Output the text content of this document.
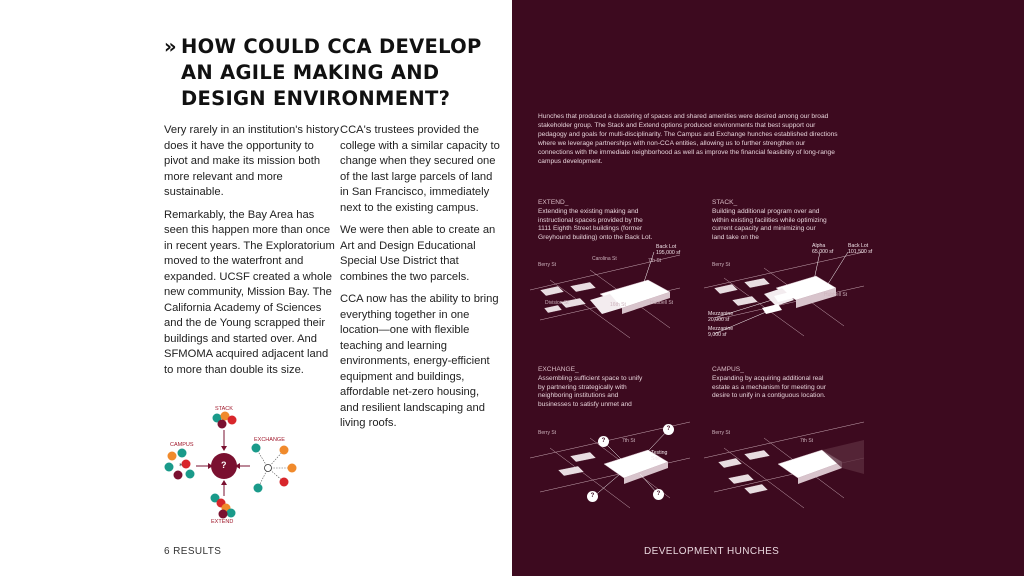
» HOW COULD CCA DEVELOP
AN AGILE MAKING AND
DESIGN ENVIRONMENT?

Very rarely in an institution's history does it have the opportunity to pivot and make its mission both more relevant and more sustainable.

Remarkably, the Bay Area has seen this happen more than once in recent years. The Exploratorium moved to the waterfront and expanded. UCSF created a whole new community, Mission Bay. The California Academy of Sciences and the de Young scrapped their buildings and started over. And SFMOMA acquired adjacent land to more than double its size.

CCA's trustees provided the college with a similar capacity to change when they secured one of the last large parcels of land in San Francisco, immediately next to the existing campus.

We were then able to create an Art and Design Educational Special Use District that combines the two parcels.

CCA now has the ability to bring everything together in one location—one with flexible teaching and learning environments, energy-efficient equipment and buildings, affordable net-zero housing, and resilient landscaping and living roofs.

STACK
CAMPUS
EXCHANGE
EXTEND
*	?
6 RESULTS
Hunches that produced a clustering of spaces and shared amenities were desired among our broad stakeholder group. The Stack and Extend options produced environments that best support our pedagogy and goals for multi-disciplinarity. The Campus and Exchange hunches established directions where we leverage partnerships with non-CCA entities, allowing us to further strengthen our connections with the immediate neighborhood as well as improve the financial feasibility of long-range campus development.
EXTEND_
Extending the existing making and instructional spaces provided by the 1111 Eighth Street buildings (former Greyhound building) onto the Back Lot.
STACK_
Building additional program over and within existing facilities while optimizing current capacity and minimizing our land take on the
EXCHANGE_
Assembling sufficient space to unify by partnering strategically with neighboring institutions and businesses to satisfy unmet and
CAMPUS_
Expanding by acquiring additional real estate as a mechanism for meeting our desire to unify in a contiguous location.
Back Lot
195,000 sf
Alpha
65,000 sf
Back Lot
101,500 sf
Mezzanine
20,000 sf
Mezzanine
9,000 sf
?
?
?	?
Testing
Site
Berry St
Carolina St	7th St
Hubbell St
16th St
Division St
Berry St
Hubbell St
Berry St
7th St
Berry St
7th St
DEVELOPMENT HUNCHES
